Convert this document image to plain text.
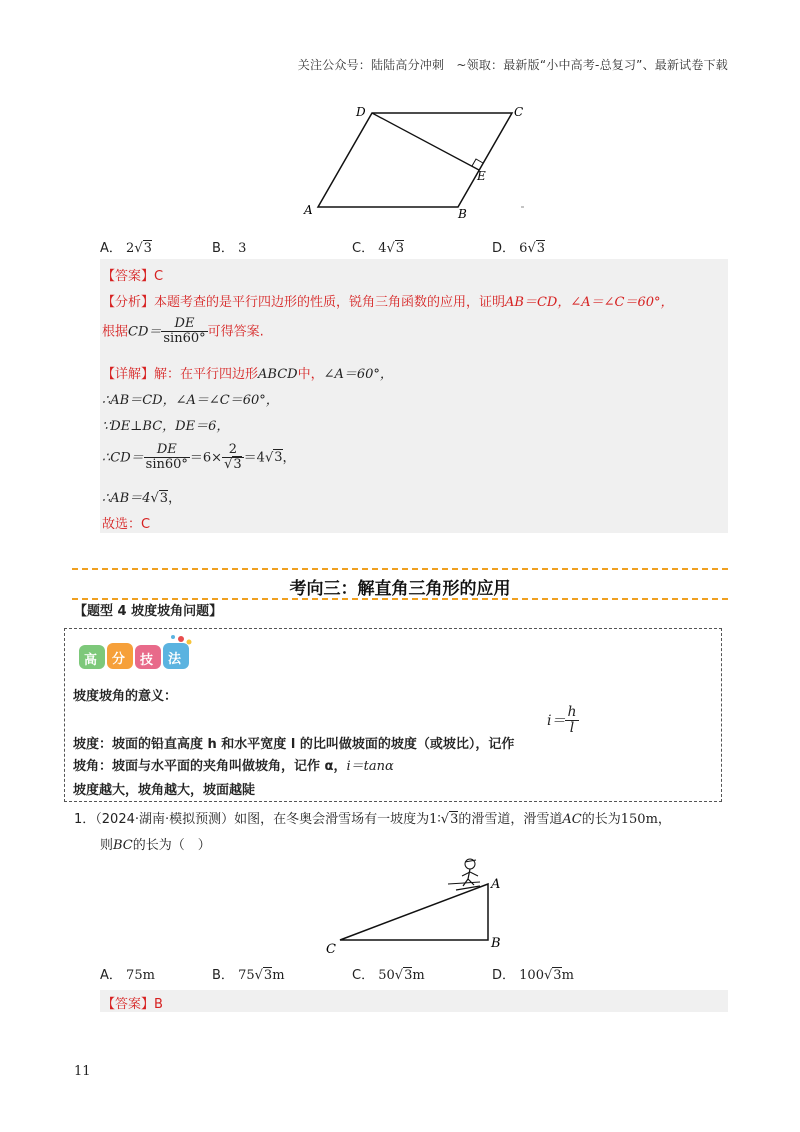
关注公众号：陆陆高分冲刺　~领取：最新版“小中高考-总复习”、最新试卷下载
D	C
E
A	B
A． 2√3	B． 3	C． 4√3	D． 6√3
【答案】C
【分析】本题考查的是平行四边形的性质，锐角三角函数的应用，证明AB＝CD，∠A＝∠C＝60°，
根据$CD= \frac{DE}{\sin 60^\circ}$ 可得答案.
【详解】解：在平行四边形ABCD中，∠A＝60°，
∴AB＝CD，∠A＝∠C＝60°，
∵DE⊥BC，DE＝6，
∴CD＝ $\frac{DE}{\sin 60^\circ} =6\times \frac{2}{√3} =4√3$，
∴AB＝4√3，
故选：C
考向三：解直角三角形的应用
【题型 4 坡度坡角问题】
高 分 技 法
坡度坡角的意义：
坡度：坡面的铅直高度 h 和水平宽度 l 的比叫做坡面的坡度（或坡比），记作
$i= \frac{h}{l}$
坡角：坡面与水平面的夹角叫做坡角，记作 α，i＝tanα
坡度越大，坡角越大，坡面越陡
1．（2024·湖南·模拟预测）如图，在冬奥会滑雪场有一坡度为1∶√3的滑雪道，滑雪道AC的长为150m，
则BC的长为（　）
A
B
C
A． 75m	B． 75√3m	C． 50√3m	D． 100√3m
【答案】B
11
